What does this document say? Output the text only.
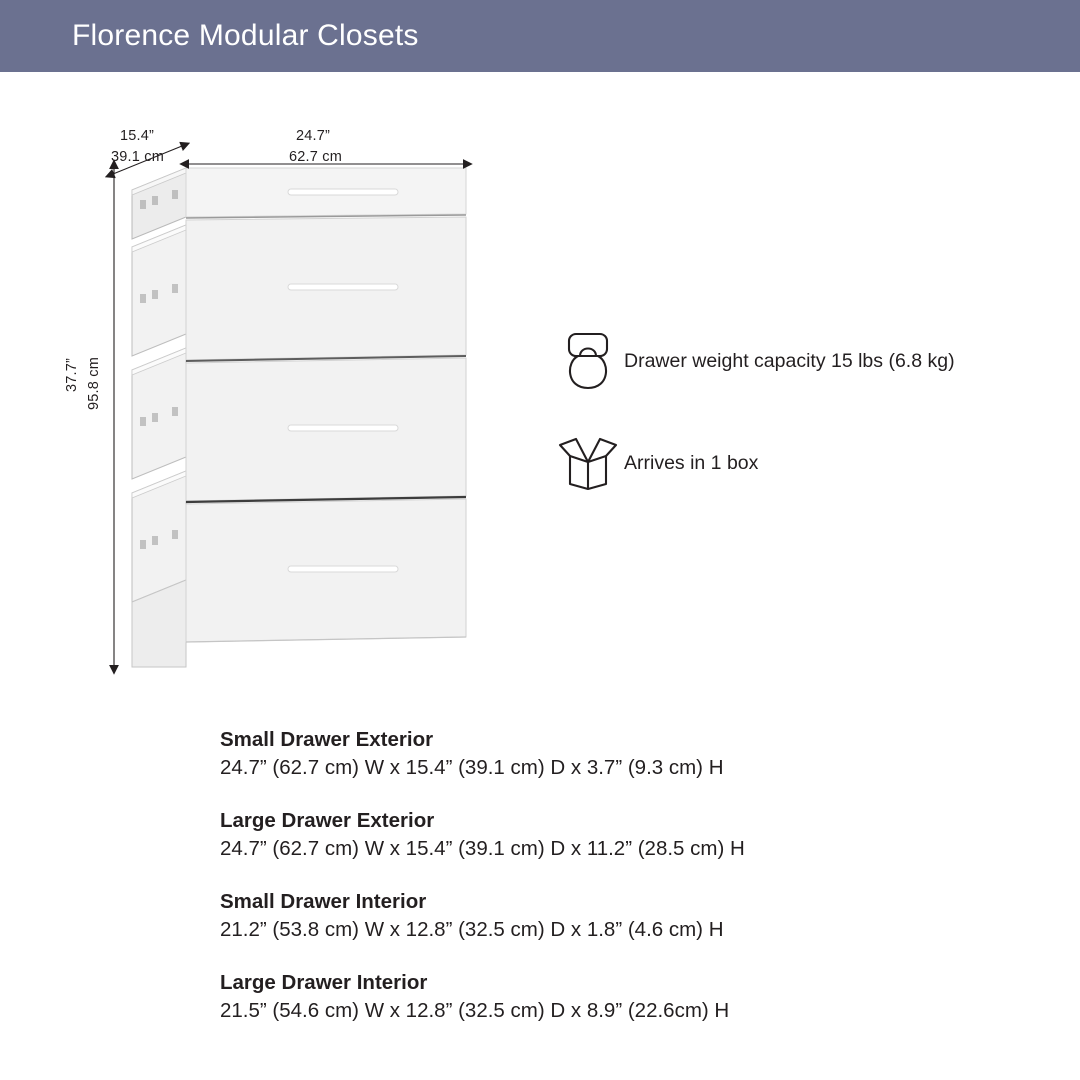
Florence Modular Closets
15.4”
39.1 cm
24.7”
62.7 cm
37.7” 95.8 cm	Drawer weight capacity 15 lbs (6.8 kg)
Arrives in 1 box
Small Drawer Exterior
24.7” (62.7 cm) W x 15.4” (39.1 cm) D x 3.7” (9.3 cm) H
Large Drawer Exterior
24.7” (62.7 cm) W x 15.4” (39.1 cm) D x 11.2” (28.5 cm) H
Small Drawer Interior
21.2” (53.8 cm) W x 12.8” (32.5 cm) D x 1.8” (4.6 cm) H
Large Drawer Interior
21.5” (54.6 cm) W x 12.8” (32.5 cm) D x 8.9” (22.6cm) H
